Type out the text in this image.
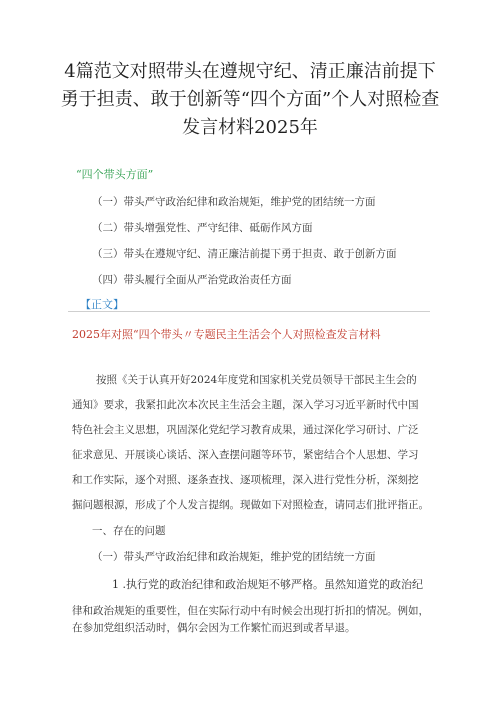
4篇范文对照带头在遵规守纪、清正廉洁前提下勇于担责、敢于创新等“四个方面”个人对照检查发言材料2025年
“四个带头方面”
（一）带头严守政治纪律和政治规矩，维护党的团结统一方面
（二）带头增强党性、严守纪律、砥砺作风方面
（三）带头在遵规守纪、清正廉洁前提下勇于担责、敢于创新方面
（四）带头履行全面从严治党政治责任方面
【正文】
2025年对照“四个带头〃专题民主生活会个人对照检查发言材料
按照《关于认真开好2024年度党和国家机关党员领导干部民主生会的
通知》要求，我紧扣此次本次民主生活会主题，深入学习习近平新时代中国
特色社会主义思想，巩固深化党纪学习教育成果，通过深化学习研讨、广泛
征求意见、开展谈心谈话、深入查摆问题等环节，紧密结合个人思想、学习
和工作实际，逐个对照、逐条查找、逐项梳理，深入进行党性分析，深刻挖
掘问题根源，形成了个人发言提纲。现做如下对照检查，请同志们批评指正。
一、存在的问题
（一）带头严守政治纪律和政治规矩，维护党的团结统一方面
1 .执行党的政治纪律和政治规矩不够严格。虽然知道党的政治纪
律和政治规矩的重要性，但在实际行动中有时候会出现打折扣的情况。例如，在参加党组织活动时，偶尔会因为工作繁忙而迟到或者早退。
